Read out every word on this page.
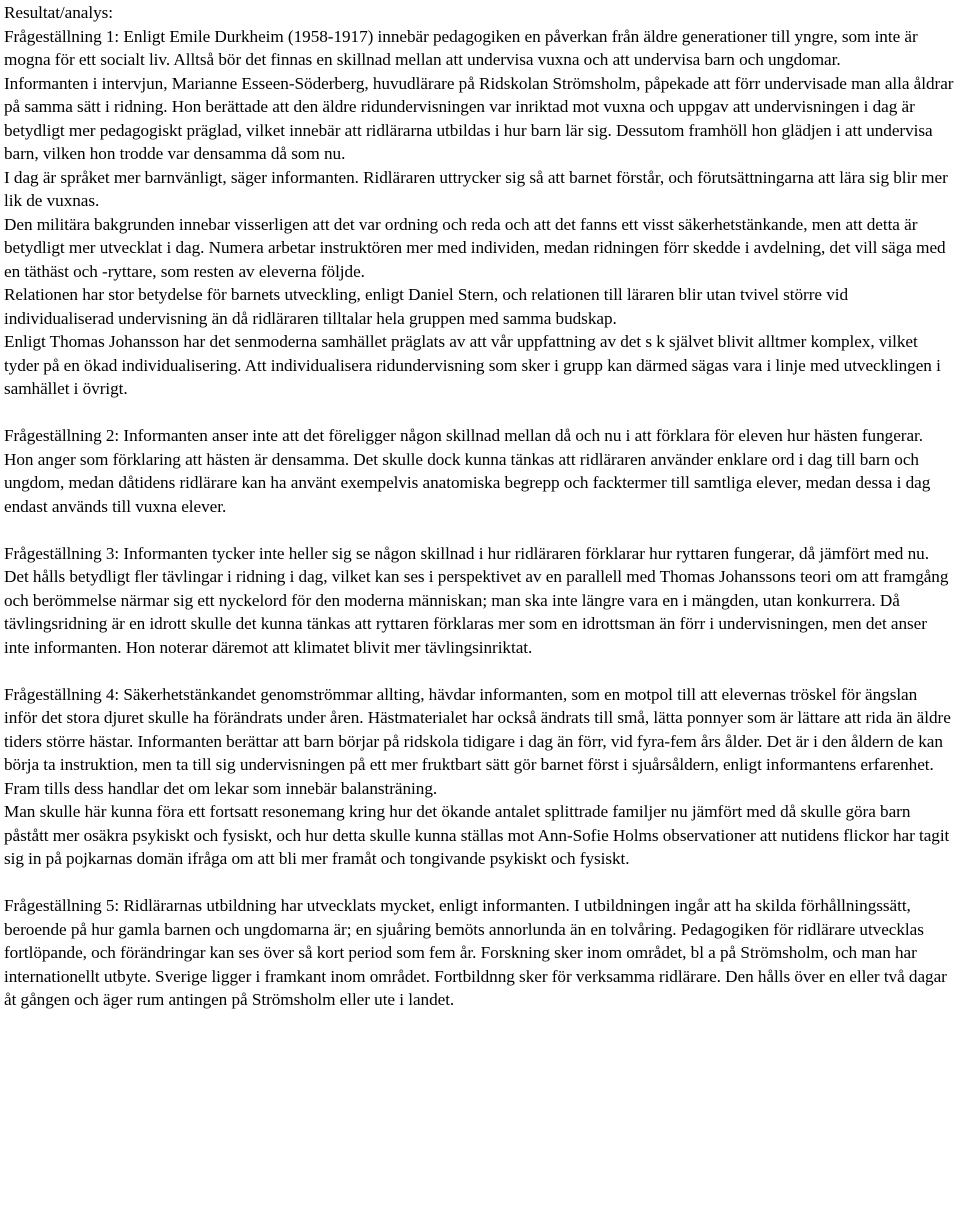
Resultat/analys:

Frågeställning 1: Enligt Emile Durkheim (1958-1917) innebär pedagogiken en påverkan från äldre generationer till yngre, som inte är mogna för ett socialt liv. Alltså bör det finnas en skillnad mellan att undervisa vuxna och att undervisa barn och ungdomar.

Informanten i intervjun, Marianne Esseen-Söderberg, huvudlärare på Ridskolan Strömsholm, påpekade att förr undervisade man alla åldrar på samma sätt i ridning. Hon berättade att den äldre ridundervisningen var inriktad mot vuxna och uppgav att undervisningen i dag är betydligt mer pedagogiskt präglad, vilket innebär att ridlärarna utbildas i hur barn lär sig. Dessutom framhöll hon glädjen i att undervisa barn, vilken hon trodde var densamma då som nu.

I dag är språket mer barnvänligt, säger informanten. Ridläraren uttrycker sig så att barnet förstår, och förutsättningarna att lära sig blir mer lik de vuxnas.

Den militära bakgrunden innebar visserligen att det var ordning och reda och att det fanns ett visst säkerhetstänkande, men att detta är betydligt mer utvecklat i dag. Numera arbetar instruktören mer med individen, medan ridningen förr skedde i avdelning, det vill säga med en täthäst och -ryttare, som resten av eleverna följde.

Relationen har stor betydelse för barnets utveckling, enligt Daniel Stern, och relationen till läraren blir utan tvivel större vid individualiserad undervisning än då ridläraren tilltalar hela gruppen med samma budskap.

Enligt Thomas Johansson har det senmoderna samhället präglats av att vår uppfattning av det s k självet blivit alltmer komplex, vilket tyder på en ökad individualisering. Att individualisera ridundervisning som sker i grupp kan därmed sägas vara i linje med utvecklingen i samhället i övrigt.

Frågeställning 2: Informanten anser inte att det föreligger någon skillnad mellan då och nu i att förklara för eleven hur hästen fungerar. Hon anger som förklaring att hästen är densamma. Det skulle dock kunna tänkas att ridläraren använder enklare ord i dag till barn och ungdom, medan dåtidens ridlärare kan ha använt exempelvis anatomiska begrepp och facktermer till samtliga elever, medan dessa i dag endast används till vuxna elever.

Frågeställning 3: Informanten tycker inte heller sig se någon skillnad i hur ridläraren förklarar hur ryttaren fungerar, då jämfört med nu. Det hålls betydligt fler tävlingar i ridning i dag, vilket kan ses i perspektivet av en parallell med Thomas Johanssons teori om att framgång och berömmelse närmar sig ett nyckelord för den moderna människan; man ska inte längre vara en i mängden, utan konkurrera. Då tävlingsridning är en idrott skulle det kunna tänkas att ryttaren förklaras mer som en idrottsman än förr i undervisningen, men det anser inte informanten. Hon noterar däremot att klimatet blivit mer tävlingsinriktat.

Frågeställning 4: Säkerhetstänkandet genomströmmar allting, hävdar informanten, som en motpol till att elevernas tröskel för ängslan inför det stora djuret skulle ha förändrats under åren. Hästmaterialet har också ändrats till små, lätta ponnyer som är lättare att rida än äldre tiders större hästar. Informanten berättar att barn börjar på ridskola tidigare i dag än förr, vid fyra-fem års ålder. Det är i den åldern de kan börja ta instruktion, men ta till sig undervisningen på ett mer fruktbart sätt gör barnet först i sjuårsåldern, enligt informantens erfarenhet. Fram tills dess handlar det om lekar som innebär balansträning.

Man skulle här kunna föra ett fortsatt resonemang kring hur det ökande antalet splittrade familjer nu jämfört med då skulle göra barn påstått mer osäkra psykiskt och fysiskt, och hur detta skulle kunna ställas mot Ann-Sofie Holms observationer att nutidens flickor har tagit sig in på pojkarnas domän ifråga om att bli mer framåt och tongivande psykiskt och fysiskt.

Frågeställning 5: Ridlärarnas utbildning har utvecklats mycket, enligt informanten. I utbildningen ingår att ha skilda förhållningssätt, beroende på hur gamla barnen och ungdomarna är; en sjuåring bemöts annorlunda än en tolvåring. Pedagogiken för ridlärare utvecklas fortlöpande, och förändringar kan ses över så kort period som fem år. Forskning sker inom området, bl a på Strömsholm, och man har internationellt utbyte. Sverige ligger i framkant inom området. Fortbildnng sker för verksamma ridlärare. Den hålls över en eller två dagar åt gången och äger rum antingen på Strömsholm eller ute i landet.
